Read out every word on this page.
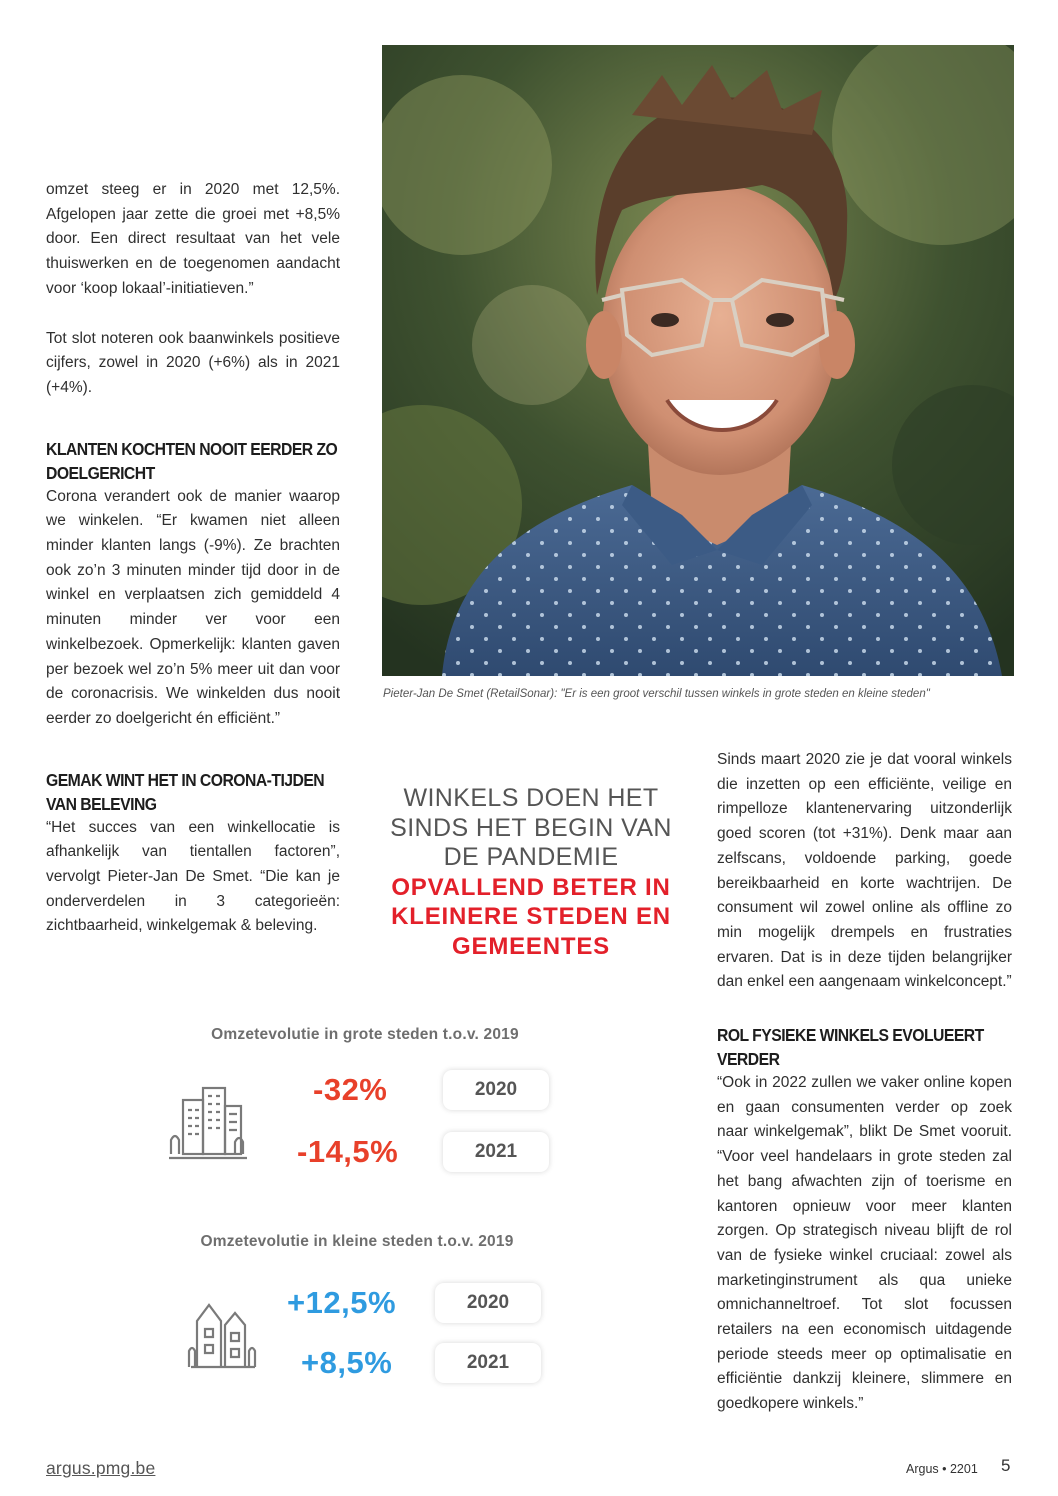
omzet steeg er in 2020 met 12,5%. Afgelopen jaar zette die groei met +8,5% door. Een direct resultaat van het vele thuiswerken en de toegenomen aandacht voor ‘koop lokaal’-initiatieven.”

Tot slot noteren ook baanwinkels positieve cijfers, zowel in 2020 (+6%) als in 2021 (+4%).

KLANTEN KOCHTEN NOOIT EERDER ZO DOELGERICHT

Corona verandert ook de manier waarop we winkelen. “Er kwamen niet alleen minder klanten langs (-9%). Ze brachten ook zo’n 3 minuten minder tijd door in de winkel en verplaatsen zich gemiddeld 4 minuten minder ver voor een winkelbezoek. Opmerkelijk: klanten gaven per bezoek wel zo’n 5% meer uit dan voor de coronacrisis. We winkelden dus nooit eerder zo doelgericht én efficiënt.”

GEMAK WINT HET IN CORONA-TIJDEN VAN BELEVING

“Het succes van een winkellocatie is afhankelijk van tientallen factoren”, vervolgt Pieter-Jan De Smet. “Die kan je onderverdelen in 3 categorieën: zichtbaarheid, winkelgemak & beleving.

Pieter-Jan De Smet (RetailSonar): "Er is een groot verschil tussen winkels in grote steden en kleine steden"
WINKELS DOEN HET SINDS HET BEGIN VAN DE PANDEMIE
OPVALLEND BETER IN KLEINERE STEDEN EN GEMEENTES
Omzetevolutie in grote steden t.o.v. 2019
-32%	2020
-14,5%	2021
Omzetevolutie in kleine steden t.o.v. 2019
+12,5%	2020
+8,5%	2021

Sinds maart 2020 zie je dat vooral winkels die inzetten op een efficiënte, veilige en rimpelloze klantenervaring uitzonderlijk goed scoren (tot +31%). Denk maar aan zelfscans, voldoende parking, goede bereikbaarheid en korte wachtrijen. De consument wil zowel online als offline zo min mogelijk drempels en frustraties ervaren. Dat is in deze tijden belangrijker dan enkel een aangenaam winkelconcept.”

ROL FYSIEKE WINKELS EVOLUEERT VERDER

“Ook in 2022 zullen we vaker online kopen en gaan consumenten verder op zoek naar winkelgemak”, blikt De Smet vooruit. “Voor veel handelaars in grote steden zal het bang afwachten zijn of toerisme en kantoren opnieuw voor meer klanten zorgen. Op strategisch niveau blijft de rol van de fysieke winkel cruciaal: zowel als marketinginstrument als qua unieke omnichanneltroef. Tot slot focussen retailers na een economisch uitdagende periode steeds meer op optimalisatie en efficiëntie dankzij kleinere, slimmere en goedkopere winkels.”

argus.pmg.be	Argus • 2201 5
